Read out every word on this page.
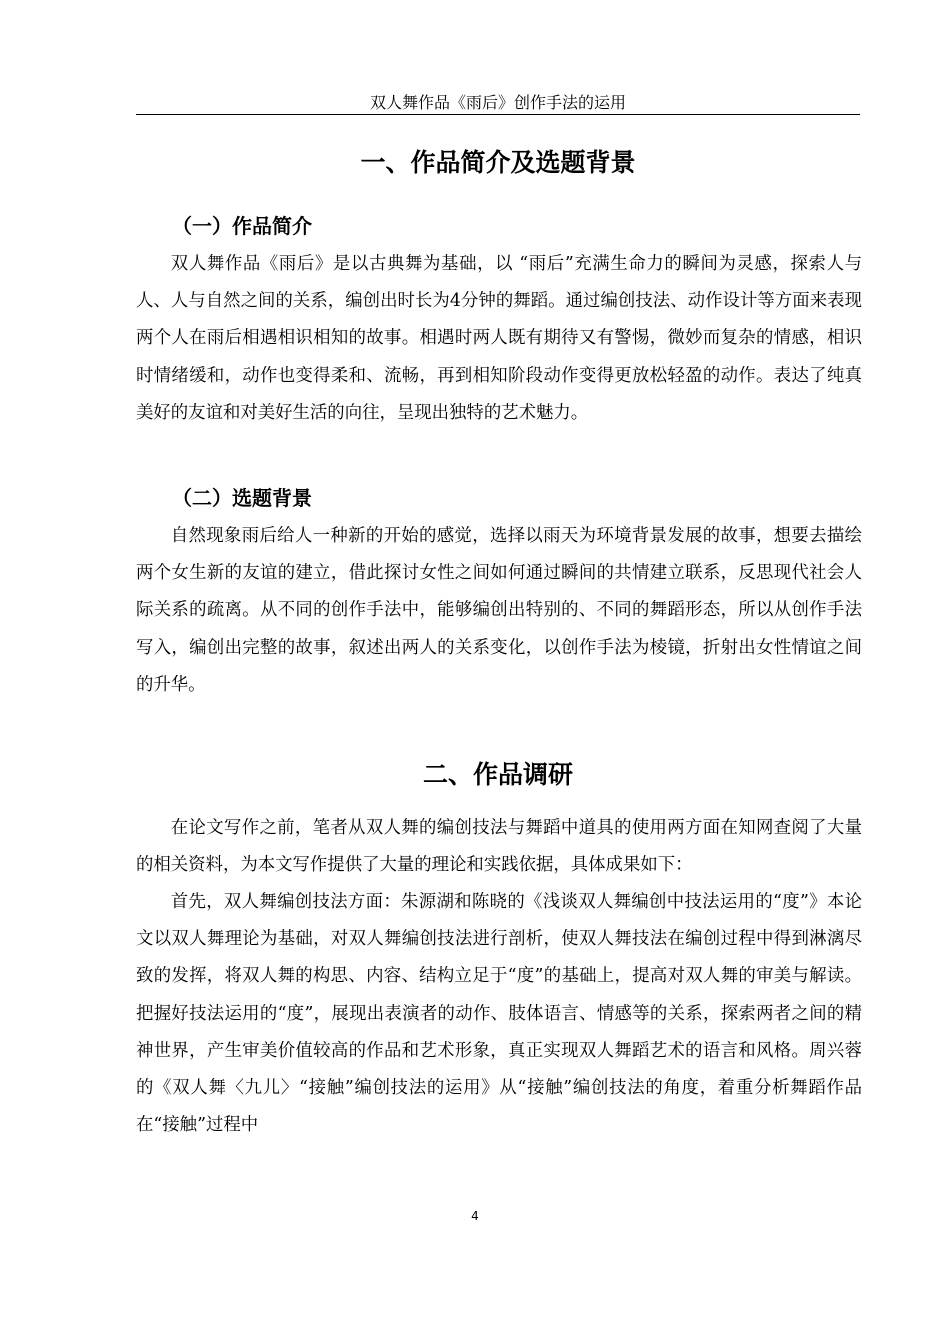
双人舞作品《雨后》创作手法的运用
一、作品简介及选题背景
（一）作品简介

双人舞作品《雨后》是以古典舞为基础，以 “雨后”充满生命力的瞬间为灵感，探索人与人、人与自然之间的关系，编创出时长为4分钟的舞蹈。通过编创技法、动作设计等方面来表现两个人在雨后相遇相识相知的故事。相遇时两人既有期待又有警惕，微妙而复杂的情感，相识时情绪缓和，动作也变得柔和、流畅，再到相知阶段动作变得更放松轻盈的动作。表达了纯真美好的友谊和对美好生活的向往，呈现出独特的艺术魅力。

（二）选题背景

自然现象雨后给人一种新的开始的感觉，选择以雨天为环境背景发展的故事，想要去描绘两个女生新的友谊的建立，借此探讨女性之间如何通过瞬间的共情建立联系，反思现代社会人际关系的疏离。从不同的创作手法中，能够编创出特别的、不同的舞蹈形态，所以从创作手法写入，编创出完整的故事，叙述出两人的关系变化，以创作手法为棱镜，折射出女性情谊之间的升华。

二、作品调研

在论文写作之前，笔者从双人舞的编创技法与舞蹈中道具的使用两方面在知网查阅了大量的相关资料，为本文写作提供了大量的理论和实践依据，具体成果如下：

首先，双人舞编创技法方面：朱源湖和陈晓的《浅谈双人舞编创中技法运用的“度”》本论文以双人舞理论为基础，对双人舞编创技法进行剖析，使双人舞技法在编创过程中得到淋漓尽致的发挥，将双人舞的构思、内容、结构立足于“度”的基础上，提高对双人舞的审美与解读。把握好技法运用的“度”，展现出表演者的动作、肢体语言、情感等的关系，探索两者之间的精神世界，产生审美价值较高的作品和艺术形象，真正实现双人舞蹈艺术的语言和风格。周兴蓉的《双人舞〈九儿〉“接触”编创技法的运用》从“接触”编创技法的角度，着重分析舞蹈作品在“接触”过程中

4
